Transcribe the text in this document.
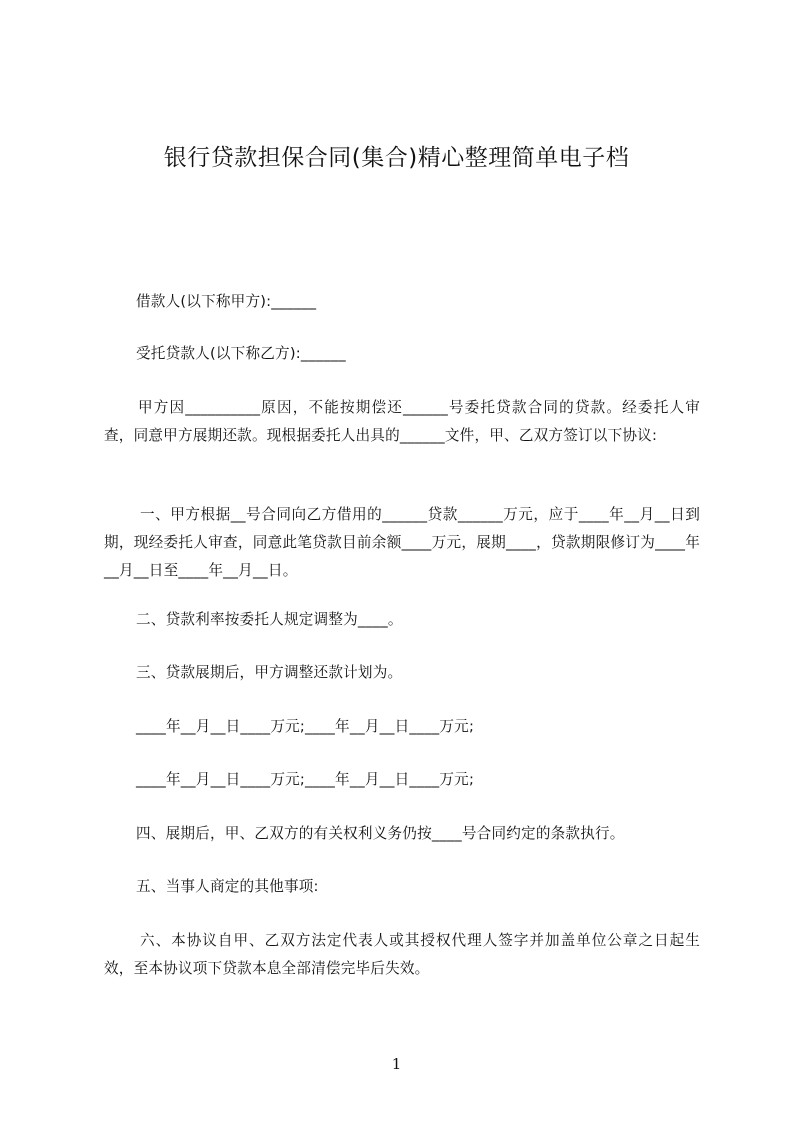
银行贷款担保合同(集合)精心整理简单电子档

借款人(以下称甲方):______

受托贷款人(以下称乙方):______

甲方因__________原因，不能按期偿还______号委托贷款合同的贷款。经委托人审查，同意甲方展期还款。现根据委托人出具的______文件，甲、乙双方签订以下协议:

一、甲方根据__号合同向乙方借用的______贷款______万元，应于____年__月__日到期，现经委托人审查，同意此笔贷款目前余额____万元，展期____，贷款期限修订为____年__月__日至____年__月__日。

二、贷款利率按委托人规定调整为____。

三、贷款展期后，甲方调整还款计划为。

____年__月__日____万元;____年__月__日____万元;

____年__月__日____万元;____年__月__日____万元;

四、展期后，甲、乙双方的有关权利义务仍按____号合同约定的条款执行。

五、当事人商定的其他事项:

六、本协议自甲、乙双方法定代表人或其授权代理人签字并加盖单位公章之日起生效，至本协议项下贷款本息全部清偿完毕后失效。

1
